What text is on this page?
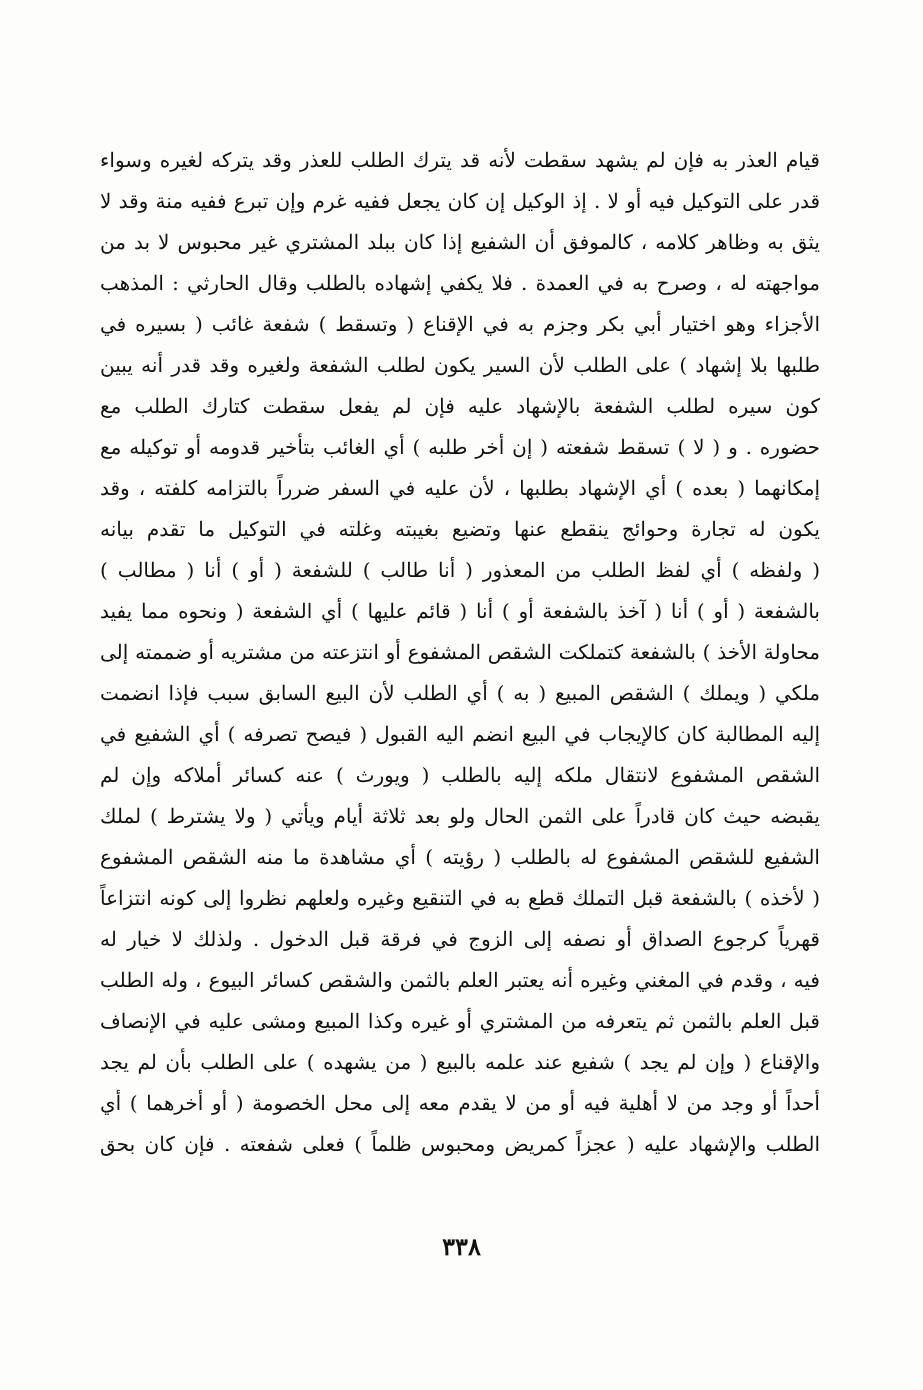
قيام العذر به فإن لم يشهد سقطت لأنه قد يترك الطلب للعذر وقد يتركه لغيره وسواء
قدر على التوكيل فيه أو لا . إذ الوكيل إن كان يجعل ففيه غرم وإن تبرع ففيه منة وقد لا
يثق به وظاهر كلامه ، كالموفق أن الشفيع إذا كان ببلد المشتري غير محبوس لا بد من
مواجهته له ، وصرح به في العمدة . فلا يكفي إشهاده بالطلب وقال الحارثي : المذهب
الأجزاء وهو اختيار أبي بكر وجزم به في الإقناع ( وتسقط ) شفعة غائب ( بسيره في
طلبها بلا إشهاد ) على الطلب لأن السير يكون لطلب الشفعة ولغيره وقد قدر أنه يبين
كون سيره لطلب الشفعة بالإشهاد عليه فإن لم يفعل سقطت كتارك الطلب مع
حضوره . و ( لا ) تسقط شفعته ( إن أخر طلبه ) أي الغائب بتأخير قدومه أو توكيله مع
إمكانهما ( بعده ) أي الإشهاد بطلبها ، لأن عليه في السفر ضرراً بالتزامه كلفته ، وقد
يكون له تجارة وحوائج ينقطع عنها وتضيع بغيبته وغلته في التوكيل ما تقدم بيانه
( ولفظه ) أي لفظ الطلب من المعذور ( أنا طالب ) للشفعة ( أو ) أنا ( مطالب )
بالشفعة ( أو ) أنا ( آخذ بالشفعة أو ) أنا ( قائم عليها ) أي الشفعة ( ونحوه مما يفيد
محاولة الأخذ ) بالشفعة كتملكت الشقص المشفوع أو انتزعته من مشتريه أو ضممته إلى
ملكي ( ويملك ) الشقص المبيع ( به ) أي الطلب لأن البيع السابق سبب فإذا انضمت
إليه المطالبة كان كالإيجاب في البيع انضم اليه القبول ( فيصح تصرفه ) أي الشفيع في
الشقص المشفوع لانتقال ملكه إليه بالطلب ( ويورث ) عنه كسائر أملاكه وإن لم
يقبضه حيث كان قادراً على الثمن الحال ولو بعد ثلاثة أيام ويأتي ( ولا يشترط ) لملك
الشفيع للشقص المشفوع له بالطلب ( رؤيته ) أي مشاهدة ما منه الشقص المشفوع
( لأخذه ) بالشفعة قبل التملك قطع به في التنقيع وغيره ولعلهم نظروا إلى كونه انتزاعاً
قهرياً كرجوع الصداق أو نصفه إلى الزوج في فرقة قبل الدخول . ولذلك لا خيار له
فيه ، وقدم في المغني وغيره أنه يعتبر العلم بالثمن والشقص كسائر البيوع ، وله الطلب
قبل العلم بالثمن ثم يتعرفه من المشتري أو غيره وكذا المبيع ومشى عليه في الإنصاف
والإقناع ( وإن لم يجد ) شفيع عند علمه بالبيع ( من يشهده ) على الطلب بأن لم يجد
أحداً أو وجد من لا أهلية فيه أو من لا يقدم معه إلى محل الخصومة ( أو أخرهما ) أي
الطلب والإشهاد عليه ( عجزاً كمريض ومحبوس ظلماً ) فعلى شفعته . فإن كان بحق
٣٣٨
